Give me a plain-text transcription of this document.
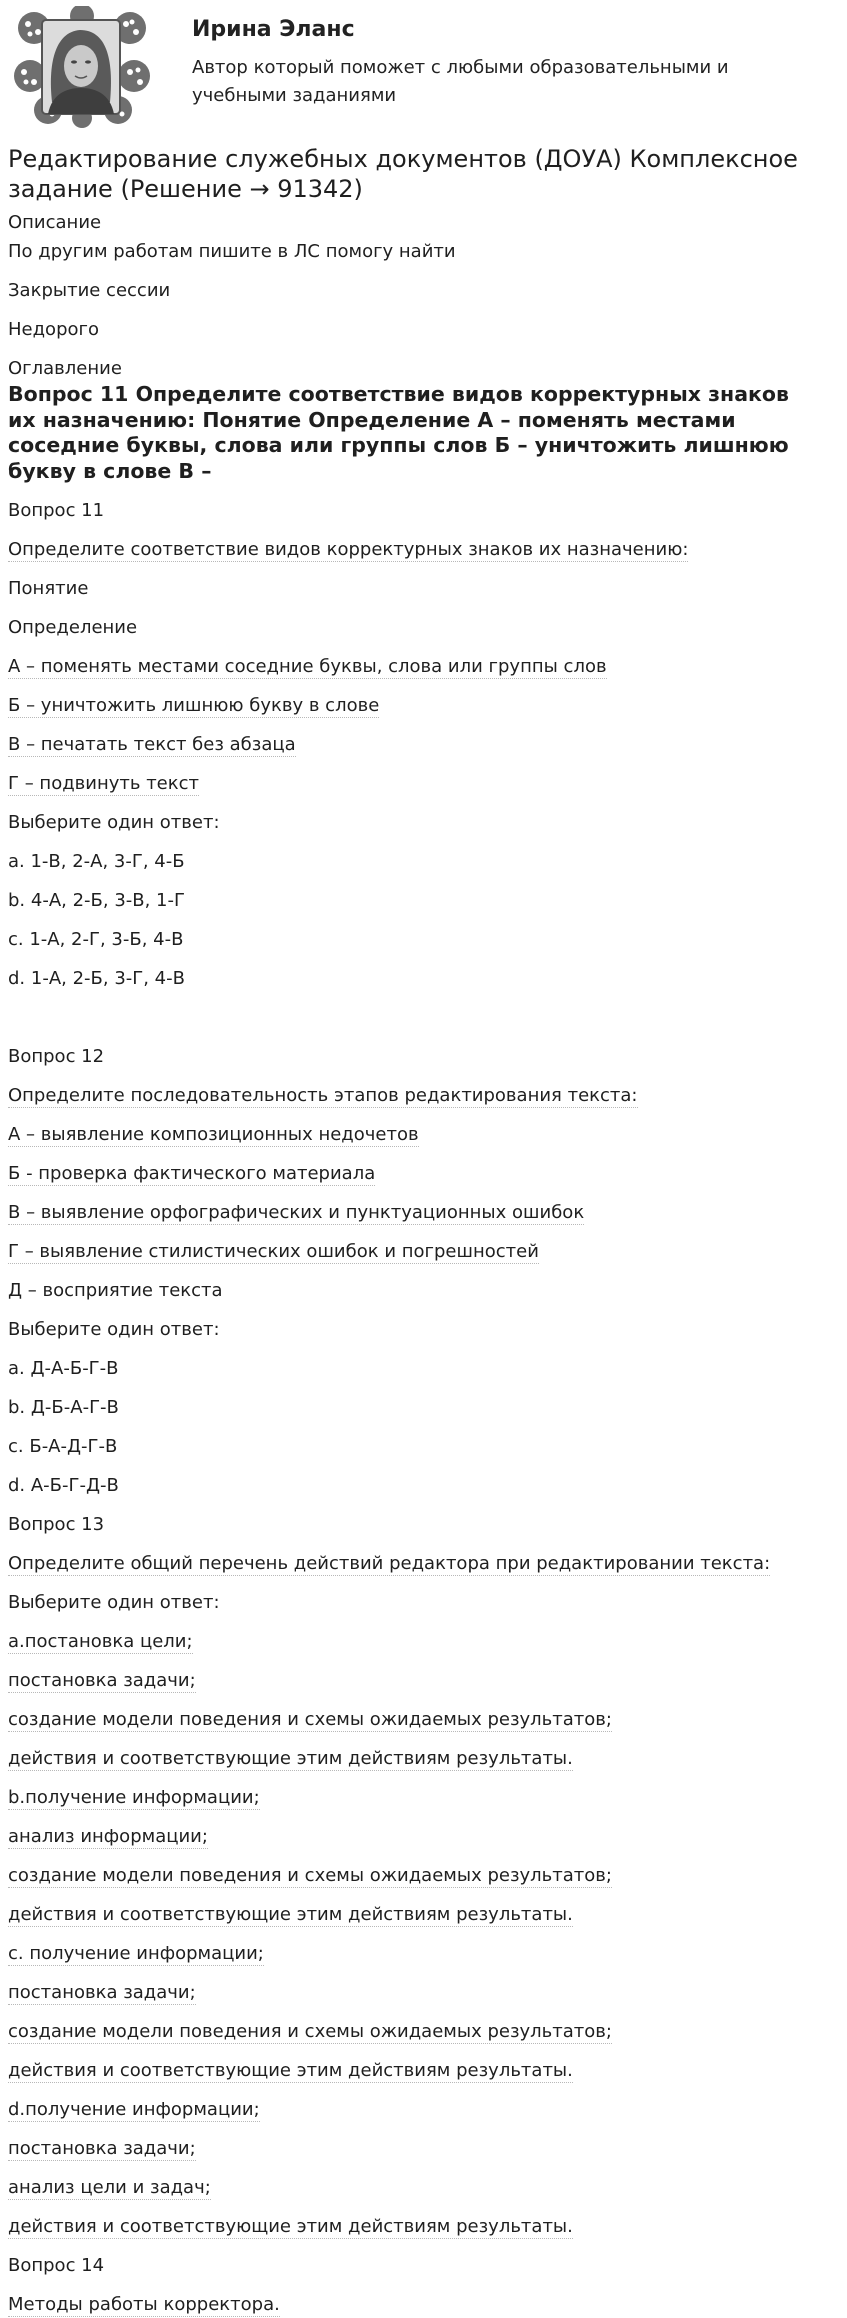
Ирина Эланс
Автор который поможет с любыми образовательными и учебными заданиями
Редактирование служебных документов (ДОУА) Комплексное задание (Решение → 91342)
Описание
По другим работам пишите в ЛС помогу найти
Закрытие сессии
Недорого
Оглавление
Вопрос 11 Определите соответствие видов корректурных знаков их назначению: Понятие Определение А – поменять местами соседние буквы, слова или группы слов Б – уничтожить лишнюю букву в слове В –
Вопрос 11
Определите соответствие видов корректурных знаков их назначению:
Понятие
Определение
А – поменять местами соседние буквы, слова или группы слов
Б – уничтожить лишнюю букву в слове
В – печатать текст без абзаца
Г – подвинуть текст
Выберите один ответ:
a. 1-В, 2-А, 3-Г, 4-Б
b. 4-А, 2-Б, 3-В, 1-Г
c. 1-А, 2-Г, 3-Б, 4-В
d. 1-А, 2-Б, 3-Г, 4-В
Вопрос 12
Определите последовательность этапов редактирования текста:
А – выявление композиционных недочетов
Б - проверка фактического материала
В – выявление орфографических и пунктуационных ошибок
Г – выявление стилистических ошибок и погрешностей
Д – восприятие текста
Выберите один ответ:
a. Д-А-Б-Г-В
b. Д-Б-А-Г-В
c. Б-А-Д-Г-В
d. А-Б-Г-Д-В
Вопрос 13
Определите общий перечень действий редактора при редактировании текста:
Выберите один ответ:
a.постановка цели;
постановка задачи;
создание модели поведения и схемы ожидаемых результатов;
действия и соответствующие этим действиям результаты.
b.получение информации;
анализ информации;
создание модели поведения и схемы ожидаемых результатов;
действия и соответствующие этим действиям результаты.
c. получение информации;
постановка задачи;
создание модели поведения и схемы ожидаемых результатов;
действия и соответствующие этим действиям результаты.
d.получение информации;
постановка задачи;
анализ цели и задач;
действия и соответствующие этим действиям результаты.
Вопрос 14
Методы работы корректора.
